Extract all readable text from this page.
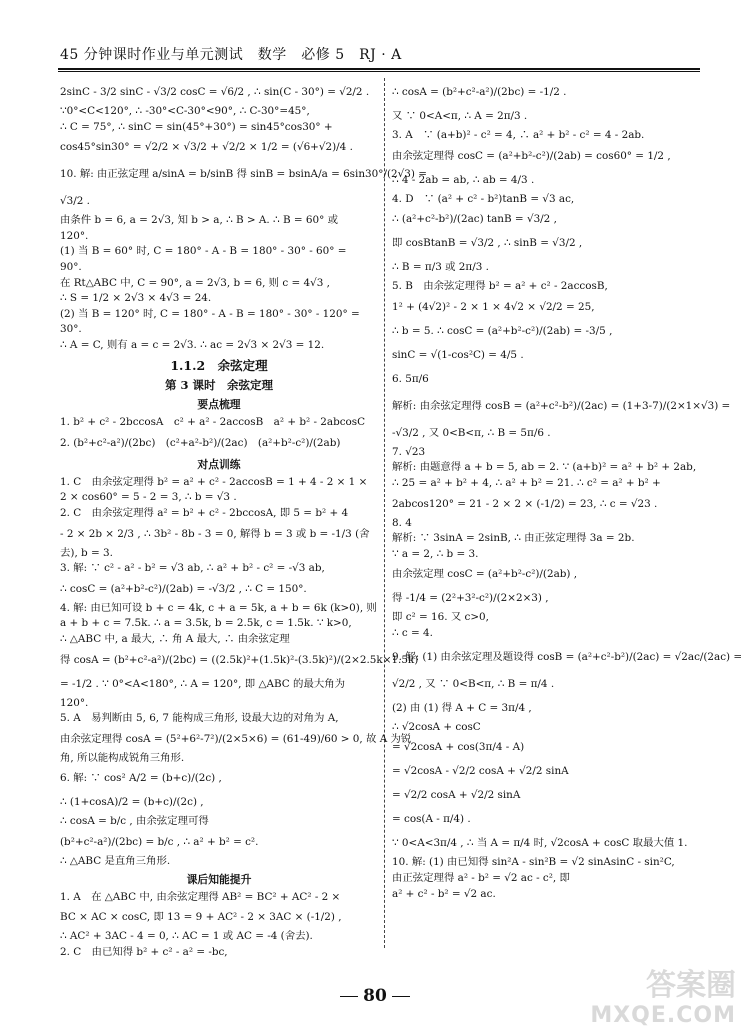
45 分钟课时作业与单元测试　数学　必修 5　RJ · A
2sinC - 3/2 sinC - √3/2 cosC = √6/2 , ∴ sin(C - 30°) = √2/2 .
∵0°<C<120°, ∴ -30°<C-30°<90°, ∴ C-30°=45°,
∴ C = 75°, ∴ sinC = sin(45°+30°) = sin45°cos30° +
cos45°sin30° = √2/2 × √3/2 + √2/2 × 1/2 = (√6+√2)/4 .
10. 解: 由正弦定理 a/sinA = b/sinB 得 sinB = bsinA/a = 6sin30°/(2√3) =
√3/2 .
由条件 b = 6, a = 2√3, 知 b > a, ∴ B > A. ∴ B = 60° 或
120°.
(1) 当 B = 60° 时, C = 180° - A - B = 180° - 30° - 60° =
90°.
在 Rt△ABC 中, C = 90°, a = 2√3, b = 6, 则 c = 4√3 ,
∴ S = 1/2 × 2√3 × 4√3 = 24.
(2) 当 B = 120° 时, C = 180° - A - B = 180° - 30° - 120° =
30°.
∴ A = C, 则有 a = c = 2√3. ∴ ac = 2√3 × 2√3 = 12.
1.1.2　余弦定理
第 3 课时　余弦定理
要点梳理
1. b² + c² - 2bccosA　c² + a² - 2accosB　a² + b² - 2abcosC
2. (b²+c²-a²)/(2bc)　(c²+a²-b²)/(2ac)　(a²+b²-c²)/(2ab)
对点训练
1. C　由余弦定理得 b² = a² + c² - 2accosB = 1 + 4 - 2 × 1 ×
2 × cos60° = 5 - 2 = 3, ∴ b = √3 .
2. C　由余弦定理得 a² = b² + c² - 2bccosA, 即 5 = b² + 4
- 2 × 2b × 2/3 , ∴ 3b² - 8b - 3 = 0, 解得 b = 3 或 b = -1/3 (舍
去), b = 3.
3. 解: ∵ c² - a² - b² = √3 ab, ∴ a² + b² - c² = -√3 ab,
∴ cosC = (a²+b²-c²)/(2ab) = -√3/2 , ∴ C = 150°.
4. 解: 由已知可设 b + c = 4k, c + a = 5k, a + b = 6k (k>0), 则
a + b + c = 7.5k. ∴ a = 3.5k, b = 2.5k, c = 1.5k. ∵ k>0,
∴ △ABC 中, a 最大, ∴ 角 A 最大, ∴ 由余弦定理
得 cosA = (b²+c²-a²)/(2bc) = ((2.5k)²+(1.5k)²-(3.5k)²)/(2×2.5k×1.5k)
= -1/2 . ∵ 0°<A<180°, ∴ A = 120°, 即 △ABC 的最大角为
120°.
5. A　易判断由 5, 6, 7 能构成三角形, 设最大边的对角为 A,
由余弦定理得 cosA = (5²+6²-7²)/(2×5×6) = (61-49)/60 > 0, 故 A 为锐
角, 所以能构成锐角三角形.
6. 解: ∵ cos² A/2 = (b+c)/(2c) ,
∴ (1+cosA)/2 = (b+c)/(2c) ,
∴ cosA = b/c , 由余弦定理可得
(b²+c²-a²)/(2bc) = b/c , ∴ a² + b² = c².
∴ △ABC 是直角三角形.
课后知能提升
1. A　在 △ABC 中, 由余弦定理得 AB² = BC² + AC² - 2 ×
BC × AC × cosC, 即 13 = 9 + AC² - 2 × 3AC × (-1/2) ,
∴ AC² + 3AC - 4 = 0, ∴ AC = 1 或 AC = -4 (舍去).
2. C　由已知得 b² + c² - a² = -bc,
∴ cosA = (b²+c²-a²)/(2bc) = -1/2 .
又 ∵ 0<A<π, ∴ A = 2π/3 .
3. A　∵ (a+b)² - c² = 4, ∴ a² + b² - c² = 4 - 2ab.
由余弦定理得 cosC = (a²+b²-c²)/(2ab) = cos60° = 1/2 ,
∴ 4 - 2ab = ab, ∴ ab = 4/3 .
4. D　∵ (a² + c² - b²)tanB = √3 ac,
∴ (a²+c²-b²)/(2ac) tanB = √3/2 ,
即 cosBtanB = √3/2 , ∴ sinB = √3/2 ,
∴ B = π/3 或 2π/3 .
5. B　由余弦定理得 b² = a² + c² - 2accosB,
1² + (4√2)² - 2 × 1 × 4√2 × √2/2 = 25,
∴ b = 5. ∴ cosC = (a²+b²-c²)/(2ab) = -3/5 ,
sinC = √(1-cos²C) = 4/5 .
6. 5π/6
解析: 由余弦定理得 cosB = (a²+c²-b²)/(2ac) = (1+3-7)/(2×1×√3) =
-√3/2 , 又 0<B<π, ∴ B = 5π/6 .
7. √23
解析: 由题意得 a + b = 5, ab = 2. ∵ (a+b)² = a² + b² + 2ab,
∴ 25 = a² + b² + 4, ∴ a² + b² = 21. ∴ c² = a² + b² +
2abcos120° = 21 - 2 × 2 × (-1/2) = 23, ∴ c = √23 .
8. 4
解析: ∵ 3sinA = 2sinB, ∴ 由正弦定理得 3a = 2b.
∵ a = 2, ∴ b = 3.
由余弦定理 cosC = (a²+b²-c²)/(2ab) ,
得 -1/4 = (2²+3²-c²)/(2×2×3) ,
即 c² = 16. 又 c>0,
∴ c = 4.
9. 解: (1) 由余弦定理及题设得 cosB = (a²+c²-b²)/(2ac) = √2ac/(2ac) =
√2/2 , 又 ∵ 0<B<π, ∴ B = π/4 .
(2) 由 (1) 得 A + C = 3π/4 ,
∴ √2cosA + cosC
= √2cosA + cos(3π/4 - A)
= √2cosA - √2/2 cosA + √2/2 sinA
= √2/2 cosA + √2/2 sinA
= cos(A - π/4) .
∵ 0<A<3π/4 , ∴ 当 A = π/4 时, √2cosA + cosC 取最大值 1.
10. 解: (1) 由已知得 sin²A - sin²B = √2 sinAsinC - sin²C,
由正弦定理得 a² - b² = √2 ac - c², 即
a² + c² - b² = √2 ac.
80	答案圈
MXQE.COM
